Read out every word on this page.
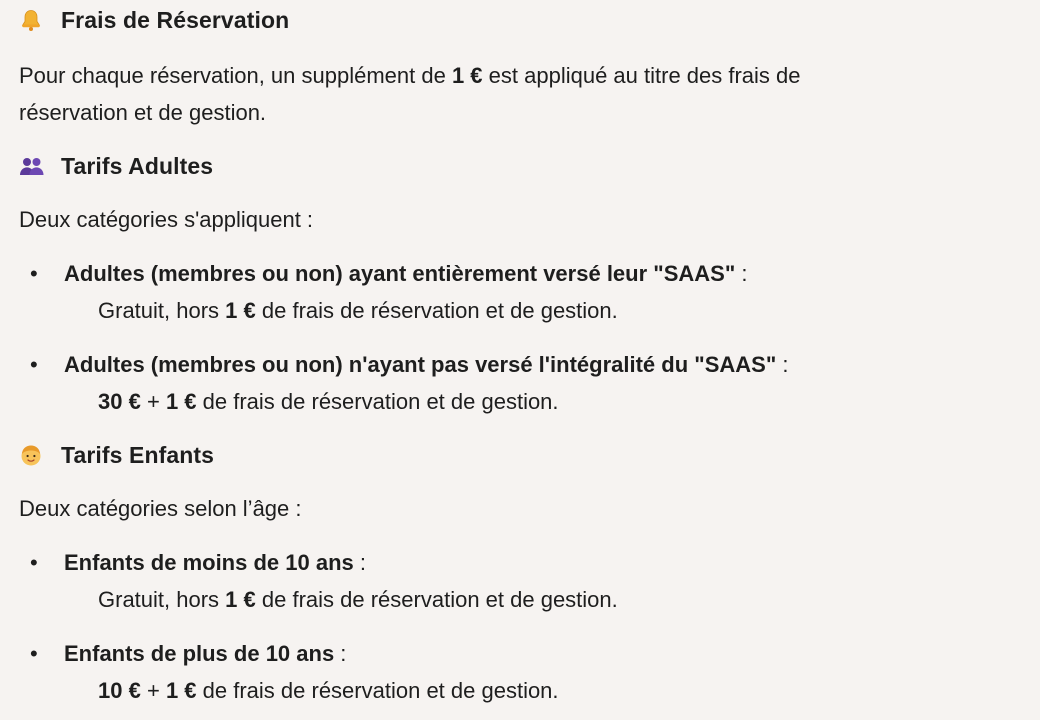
Frais de Réservation

Pour chaque réservation, un supplément de 1 € est appliqué au titre des frais de

réservation et de gestion.

Tarifs Adultes

Deux catégories s'appliquent :

• Adultes (membres ou non) ayant entièrement versé leur "SAAS" :

Gratuit, hors
1 €
de frais de réservation et de gestion.

• Adultes (membres ou non) n'ayant pas versé l'intégralité du "SAAS" :

30 €
+
1 €
de frais de réservation et de gestion.

Tarifs Enfants

Deux catégories selon l’âge :

• Enfants de moins de 10 ans :

Gratuit, hors
1 €
de frais de réservation et de gestion.

• Enfants de plus de 10 ans :

10 €
+
1 €
de frais de réservation et de gestion.
